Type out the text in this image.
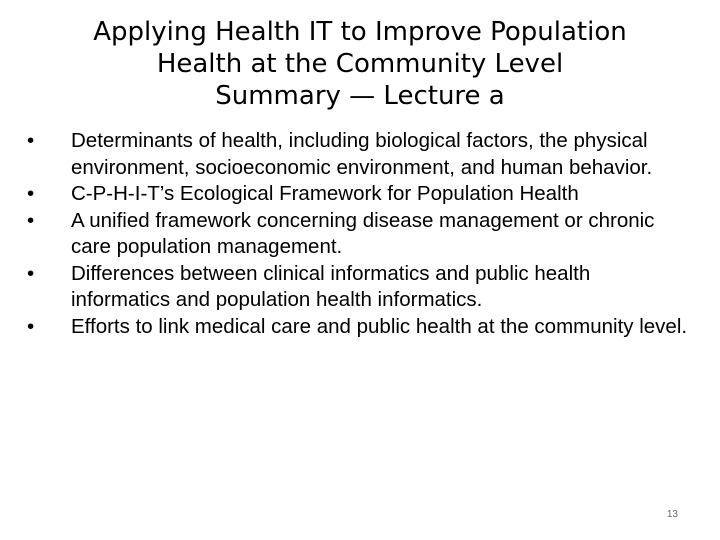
Applying Health IT to Improve Population
Health at the Community Level
Summary — Lecture a
•	Determinants of health, including biological factors, the physical environment, socioeconomic environment, and human behavior.
•	C-P-H-I-T’s Ecological Framework for Population Health
•	A unified framework concerning disease management or chronic care population management.
•	Differences between clinical informatics and public health informatics and population health informatics.
•	Efforts to link medical care and public health at the community level.
13
